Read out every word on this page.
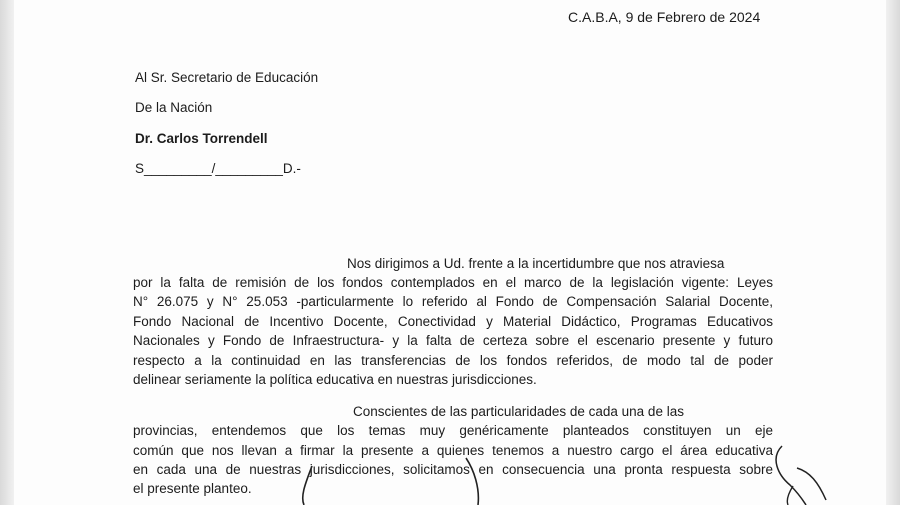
C.A.B.A, 9 de Febrero de 2024
Al Sr. Secretario de Educación
De la Nación
Dr. Carlos Torrendell
S_________/_________D.-
Nos dirigimos a Ud. frente a la incertidumbre que nos atraviesa
por la falta de remisión de los fondos contemplados en el marco de la legislación vigente: Leyes
N° 26.075 y N° 25.053 -particularmente lo referido al Fondo de Compensación Salarial Docente,
Fondo Nacional de Incentivo Docente, Conectividad y Material Didáctico, Programas Educativos
Nacionales y Fondo de Infraestructura- y la falta de certeza sobre el escenario presente y futuro
respecto a la continuidad en las transferencias de los fondos referidos, de modo tal de poder
delinear seriamente la política educativa en nuestras jurisdicciones.
Conscientes de las particularidades de cada una de las
provincias, entendemos que los temas muy genéricamente planteados constituyen un eje
común que nos llevan a firmar la presente a quienes tenemos a nuestro cargo el área educativa
en cada una de nuestras jurisdicciones, solicitamos en consecuencia una pronta respuesta sobre
el presente planteo.
